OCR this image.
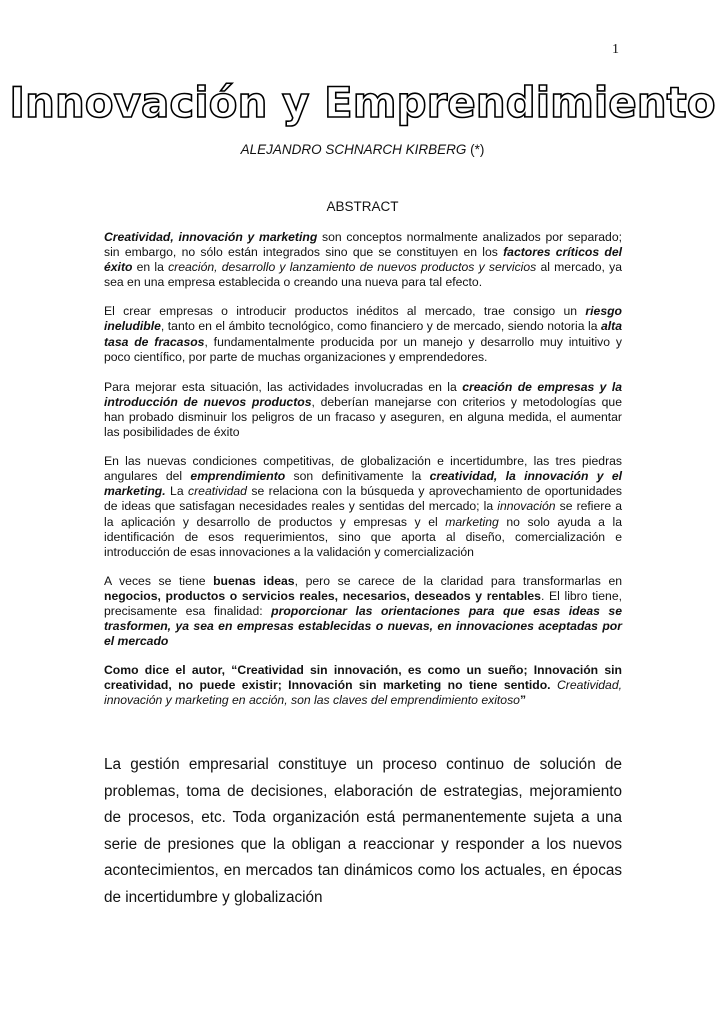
1
Innovación y Emprendimiento
ALEJANDRO SCHNARCH KIRBERG (*)
ABSTRACT

Creatividad, innovación y marketing son conceptos normalmente analizados por separado; sin embargo, no sólo están integrados sino que se constituyen en los factores críticos del éxito en la creación, desarrollo y lanzamiento de nuevos productos y servicios al mercado, ya sea en una empresa establecida o creando una nueva para tal efecto.

El crear empresas o introducir productos inéditos al mercado, trae consigo un riesgo ineludible, tanto en el ámbito tecnológico, como financiero y de mercado, siendo notoria la alta tasa de fracasos, fundamentalmente producida por un manejo y desarrollo muy intuitivo y poco científico, por parte de muchas organizaciones y emprendedores.

Para mejorar esta situación, las actividades involucradas en la creación de empresas y la introducción de nuevos productos, deberían manejarse con criterios y metodologías que han probado disminuir los peligros de un fracaso y aseguren, en alguna medida, el aumentar las posibilidades de éxito

En las nuevas condiciones competitivas, de globalización e incertidumbre, las tres piedras angulares del emprendimiento son definitivamente la creatividad, la innovación y el marketing. La creatividad se relaciona con la búsqueda y aprovechamiento de oportunidades de ideas que satisfagan necesidades reales y sentidas del mercado; la innovación se refiere a la aplicación y desarrollo de productos y empresas y el marketing no solo ayuda a la identificación de esos requerimientos, sino que aporta al diseño, comercialización e introducción de esas innovaciones a la validación y comercialización

A veces se tiene buenas ideas, pero se carece de la claridad para transformarlas en negocios, productos o servicios reales, necesarios, deseados y rentables. El libro tiene, precisamente esa finalidad: proporcionar las orientaciones para que esas ideas se trasformen, ya sea en empresas establecidas o nuevas, en innovaciones aceptadas por el mercado

Como dice el autor, “Creatividad sin innovación, es como un sueño; Innovación sin creatividad, no puede existir; Innovación sin marketing no tiene sentido. Creatividad, innovación y marketing en acción, son las claves del emprendimiento exitoso”

La gestión empresarial constituye un proceso continuo de solución de problemas, toma de decisiones, elaboración de estrategias, mejoramiento de procesos, etc. Toda organización está permanentemente sujeta a una serie de presiones que la obligan a reaccionar y responder a los nuevos acontecimientos, en mercados tan dinámicos como los actuales, en épocas de incertidumbre y globalización
